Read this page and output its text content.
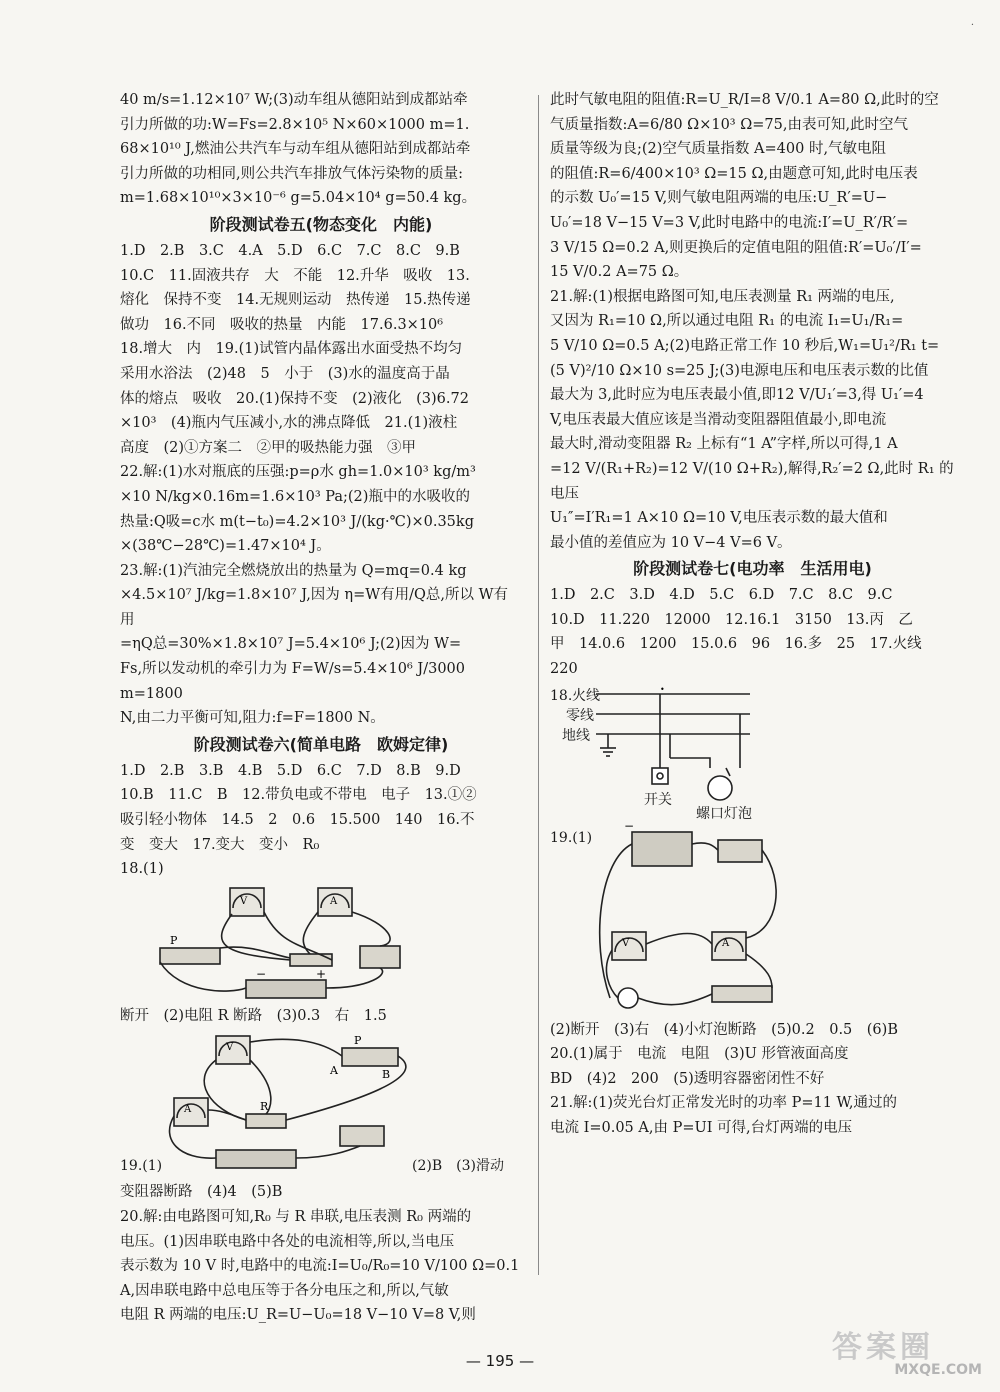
·

40 m/s=1.12×10⁷ W;(3)动车组从德阳站到成都站牵

引力所做的功:W=Fs=2.8×10⁵ N×60×1000 m=1.

68×10¹⁰ J,燃油公共汽车与动车组从德阳站到成都站牵

引力所做的功相同,则公共汽车排放气体污染物的质量:

m=1.68×10¹⁰×3×10⁻⁶ g=5.04×10⁴ g=50.4 kg。

阶段测试卷五(物态变化　内能)

1.D　2.B　3.C　4.A　5.D　6.C　7.C　8.C　9.B

10.C　11.固液共存　大　不能　12.升华　吸收　13.

熔化　保持不变　14.无规则运动　热传递　15.热传递

做功　16.不同　吸收的热量　内能　17.6.3×10⁶

18.增大　内　19.(1)试管内晶体露出水面受热不均匀

采用水浴法　(2)48　5　小于　(3)水的温度高于晶

体的熔点　吸收　20.(1)保持不变　(2)液化　(3)6.72

×10³　(4)瓶内气压减小,水的沸点降低　21.(1)液柱

高度　(2)①方案二　②甲的吸热能力强　③甲

22.解:(1)水对瓶底的压强:p=ρ水 gh=1.0×10³ kg/m³

×10 N/kg×0.16m=1.6×10³ Pa;(2)瓶中的水吸收的

热量:Q吸=c水 m(t−t₀)=4.2×10³ J/(kg·℃)×0.35kg

×(38℃−28℃)=1.47×10⁴ J。

23.解:(1)汽油完全燃烧放出的热量为 Q=mq=0.4 kg

×4.5×10⁷ J/kg=1.8×10⁷ J,因为 η=W有用/Q总,所以 W有用

=ηQ总=30%×1.8×10⁷ J=5.4×10⁶ J;(2)因为 W=

Fs,所以发动机的牵引力为 F=W/s=5.4×10⁶ J/3000 m=1800

N,由二力平衡可知,阻力:f=F=1800 N。

阶段测试卷六(简单电路　欧姆定律)

1.D　2.B　3.B　4.B　5.D　6.C　7.D　8.B　9.D

10.B　11.C　B　12.带负电或不带电　电子　13.①②

吸引轻小物体　14.5　2　0.6　15.500　140　16.不

变　变大　17.变大　变小　R₀

18.(1)

V	A
P
−	+

断开　(2)电阻 R 断路　(3)0.3　右　1.5

V
A	R
P
A	B
19.(1)	(2)B　(3)滑动

变阻器断路　(4)4　(5)B

20.解:由电路图可知,R₀ 与 R 串联,电压表测 R₀ 两端的

电压。(1)因串联电路中各处的电流相等,所以,当电压

表示数为 10 V 时,电路中的电流:I=U₀/R₀=10 V/100 Ω=0.1

A,因串联电路中总电压等于各分电压之和,所以,气敏

电阻 R 两端的电压:U_R=U−U₀=18 V−10 V=8 V,则

此时气敏电阻的阻值:R=U_R/I=8 V/0.1 A=80 Ω,此时的空

气质量指数:A=6/80 Ω×10³ Ω=75,由表可知,此时空气

质量等级为良;(2)空气质量指数 A=400 时,气敏电阻

的阻值:R=6/400×10³ Ω=15 Ω,由题意可知,此时电压表

的示数 U₀′=15 V,则气敏电阻两端的电压:U_R′=U−

U₀′=18 V−15 V=3 V,此时电路中的电流:I′=U_R′/R′=

3 V/15 Ω=0.2 A,则更换后的定值电阻的阻值:R′=U₀′/I′=

15 V/0.2 A=75 Ω。

21.解:(1)根据电路图可知,电压表测量 R₁ 两端的电压,

又因为 R₁=10 Ω,所以通过电阻 R₁ 的电流 I₁=U₁/R₁=

5 V/10 Ω=0.5 A;(2)电路正常工作 10 秒后,W₁=U₁²/R₁ t=

(5 V)²/10 Ω×10 s=25 J;(3)电源电压和电压表示数的比值

最大为 3,此时应为电压表最小值,即12 V/U₁′=3,得 U₁′=4

V,电压表最大值应该是当滑动变阻器阻值最小,即电流

最大时,滑动变阻器 R₂ 上标有“1 A”字样,所以可得,1 A

=12 V/(R₁+R₂)=12 V/(10 Ω+R₂),解得,R₂′=2 Ω,此时 R₁ 的电压

U₁″=I′R₁=1 A×10 Ω=10 V,电压表示数的最大值和

最小值的差值应为 10 V−4 V=6 V。

阶段测试卷七(电功率　生活用电)

1.D　2.C　3.D　4.D　5.C　6.D　7.C　8.C　9.C

10.D　11.220　12000　12.16.1　3150　13.丙　乙

甲　14.0.6　1200　15.0.6　96　16.多　25　17.火线

220

•
18. 火线
零线
地线
开关
螺口灯泡
−
V	A
19.(1)

(2)断开　(3)右　(4)小灯泡断路　(5)0.2　0.5　(6)B

20.(1)属于　电流　电阻　(3)U 形管液面高度

BD　(4)2　200　(5)透明容器密闭性不好

21.解:(1)荧光台灯正常发光时的功率 P=11 W,通过的

电流 I=0.05 A,由 P=UI 可得,台灯两端的电压

— 195 —	答案圈
MXQE.COM
